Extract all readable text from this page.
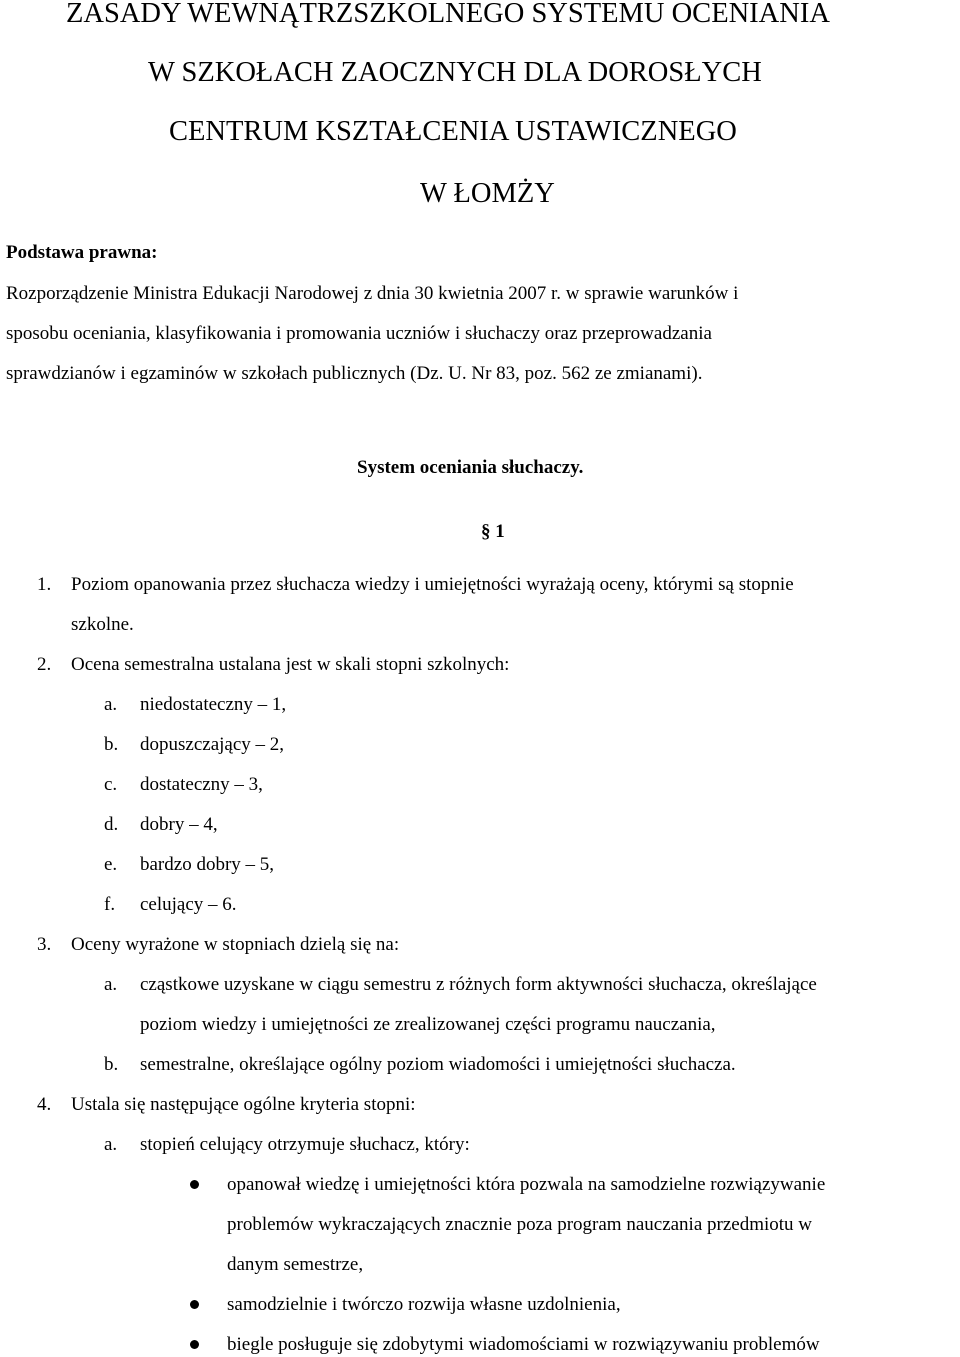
ZASADY WEWNĄTRZSZKOLNEGO SYSTEMU OCENIANIA
W SZKOŁACH ZAOCZNYCH DLA DOROSŁYCH
CENTRUM KSZTAŁCENIA USTAWICZNEGO
W ŁOMŻY
Podstawa prawna:
Rozporządzenie Ministra Edukacji Narodowej z dnia 30 kwietnia 2007 r. w sprawie warunków i
sposobu oceniania, klasyfikowania i promowania uczniów i słuchaczy oraz przeprowadzania
sprawdzianów i egzaminów w szkołach publicznych (Dz. U. Nr 83, poz. 562 ze zmianami).
System oceniania słuchaczy.
§ 1
1. Poziom opanowania przez słuchacza wiedzy i umiejętności wyrażają oceny, którymi są stopnie
szkolne.
2. Ocena semestralna ustalana jest w skali stopni szkolnych:
a. niedostateczny – 1,
b. dopuszczający – 2,
c. dostateczny – 3,
d. dobry – 4,
e. bardzo dobry – 5,
f. celujący – 6.
3. Oceny wyrażone w stopniach dzielą się na:
a. cząstkowe uzyskane w ciągu semestru z różnych form aktywności słuchacza, określające
poziom wiedzy i umiejętności ze zrealizowanej części programu nauczania,
b. semestralne, określające ogólny poziom wiadomości i umiejętności słuchacza.
4. Ustala się następujące ogólne kryteria stopni:
a. stopień celujący otrzymuje słuchacz, który:
opanował wiedzę i umiejętności która pozwala na samodzielne rozwiązywanie
problemów wykraczających znacznie poza program nauczania przedmiotu w
danym semestrze,
samodzielnie i twórczo rozwija własne uzdolnienia,
biegle posługuje się zdobytymi wiadomościami w rozwiązywaniu problemów
